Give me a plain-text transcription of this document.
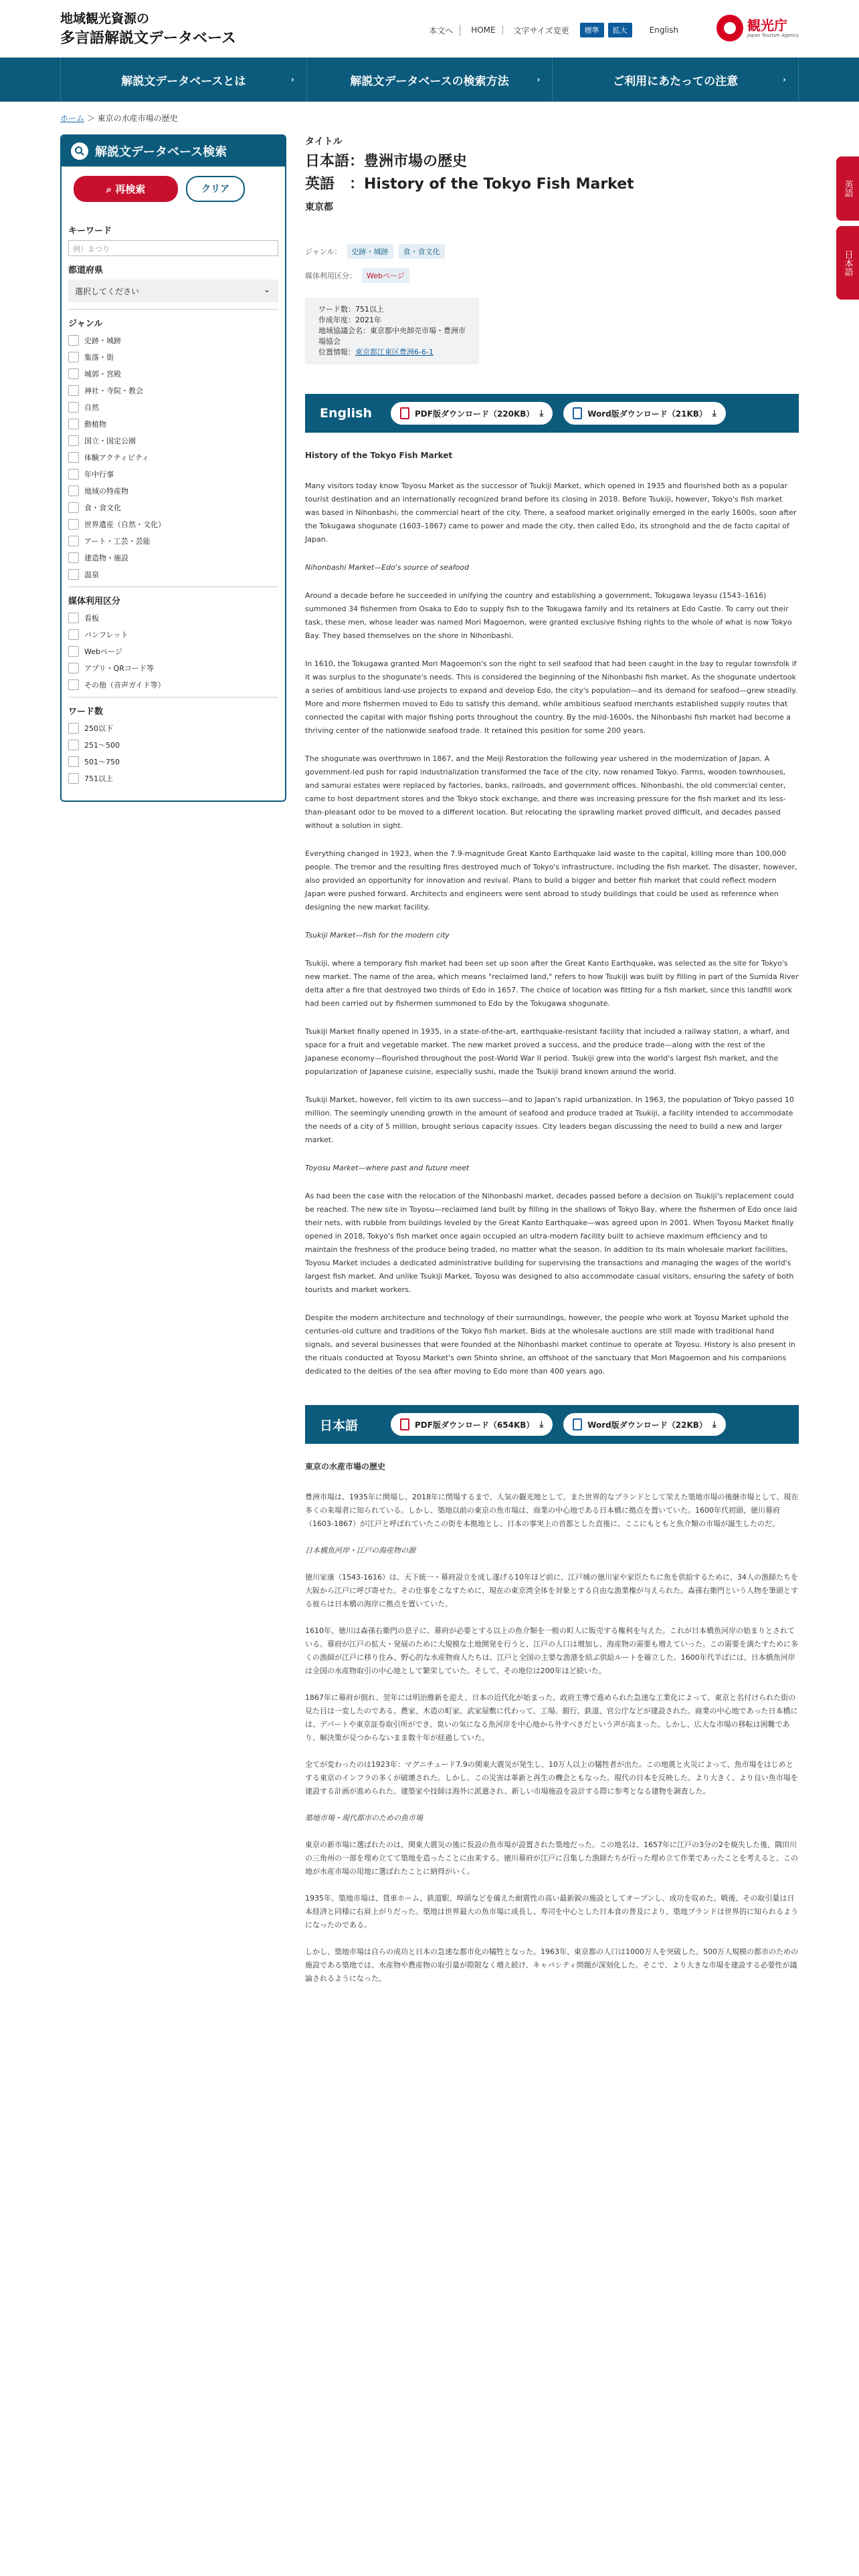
地域観光資源の
多言語解説文データベース	本文へ	HOME	文字サイズ変更	標準	拡大	English	観光庁
Japan Tourism Agency
解説文データベースとは	›	解説文データベースの検索方法	›	ご利用にあたっての注意	›
ホーム ＞ 東京の水産市場の歴史
英語
日本語
解説文データベース検索
⌕ 再検索	クリア
キーワード
例）まつり
都道府県
選択してください	⌄
ジャンル
史跡・城跡
集落・街
城郭・宮殿
神社・寺院・教会
自然
動植物
国立・国定公園
体験アクティビティ
年中行事
地域の特産物
食・食文化
世界遺産（自然・文化）
アート・工芸・芸能
建造物・施設
温泉
媒体利用区分
看板
パンフレット
Webページ
アプリ・QRコード等
その他（音声ガイド等）
ワード数
250以下
251〜500
501〜750
751以上
タイトル
日本語：豊洲市場の歴史
英語　：History of the Tokyo Fish Market
東京都
ジャンル：	史跡・城跡	食・食文化
媒体利用区分：	Webページ
ワード数：751以上
作成年度：2021年
地域協議会名：東京都中央卸売市場・豊洲市場協会
位置情報：東京都江東区豊洲6-6-1
English	PDF版ダウンロード（220KB） ⤓	Word版ダウンロード（21KB） ⤓
History of the Tokyo Fish Market

Many visitors today know Toyosu Market as the successor of Tsukiji Market, which opened in 1935 and flourished both as a popular tourist destination and an internationally recognized brand before its closing in 2018. Before Tsukiji, however, Tokyo's fish market was based in Nihonbashi, the commercial heart of the city. There, a seafood market originally emerged in the early 1600s, soon after the Tokugawa shogunate (1603–1867) came to power and made the city, then called Edo, its stronghold and the de facto capital of Japan.

Nihonbashi Market—Edo's source of seafood

Around a decade before he succeeded in unifying the country and establishing a government, Tokugawa Ieyasu (1543–1616) summoned 34 fishermen from Osaka to Edo to supply fish to the Tokugawa family and its retainers at Edo Castle. To carry out their task, these men, whose leader was named Mori Magoemon, were granted exclusive fishing rights to the whole of what is now Tokyo Bay. They based themselves on the shore in Nihonbashi.

In 1610, the Tokugawa granted Mori Magoemon's son the right to sell seafood that had been caught in the bay to regular townsfolk if it was surplus to the shogunate's needs. This is considered the beginning of the Nihonbashi fish market. As the shogunate undertook a series of ambitious land-use projects to expand and develop Edo, the city's population—and its demand for seafood—grew steadily. More and more fishermen moved to Edo to satisfy this demand, while ambitious seafood merchants established supply routes that connected the capital with major fishing ports throughout the country. By the mid-1600s, the Nihonbashi fish market had become a thriving center of the nationwide seafood trade. It retained this position for some 200 years.

The shogunate was overthrown in 1867, and the Meiji Restoration the following year ushered in the modernization of Japan. A government-led push for rapid industrialization transformed the face of the city, now renamed Tokyo. Farms, wooden townhouses, and samurai estates were replaced by factories, banks, railroads, and government offices. Nihonbashi, the old commercial center, came to host department stores and the Tokyo stock exchange, and there was increasing pressure for the fish market and its less-than-pleasant odor to be moved to a different location. But relocating the sprawling market proved difficult, and decades passed without a solution in sight.

Everything changed in 1923, when the 7.9-magnitude Great Kanto Earthquake laid waste to the capital, killing more than 100,000 people. The tremor and the resulting fires destroyed much of Tokyo's infrastructure, including the fish market. The disaster, however, also provided an opportunity for innovation and revival. Plans to build a bigger and better fish market that could reflect modern Japan were pushed forward. Architects and engineers were sent abroad to study buildings that could be used as reference when designing the new market facility.

Tsukiji Market—fish for the modern city

Tsukiji, where a temporary fish market had been set up soon after the Great Kanto Earthquake, was selected as the site for Tokyo's new market. The name of the area, which means "reclaimed land," refers to how Tsukiji was built by filling in part of the Sumida River delta after a fire that destroyed two thirds of Edo in 1657. The choice of location was fitting for a fish market, since this landfill work had been carried out by fishermen summoned to Edo by the Tokugawa shogunate.

Tsukiji Market finally opened in 1935, in a state-of-the-art, earthquake-resistant facility that included a railway station, a wharf, and space for a fruit and vegetable market. The new market proved a success, and the produce trade—along with the rest of the Japanese economy—flourished throughout the post-World War II period. Tsukiji grew into the world's largest fish market, and the popularization of Japanese cuisine, especially sushi, made the Tsukiji brand known around the world.

Tsukiji Market, however, fell victim to its own success—and to Japan's rapid urbanization. In 1963, the population of Tokyo passed 10 million. The seemingly unending growth in the amount of seafood and produce traded at Tsukiji, a facility intended to accommodate the needs of a city of 5 million, brought serious capacity issues. City leaders began discussing the need to build a new and larger market.

Toyosu Market—where past and future meet

As had been the case with the relocation of the Nihonbashi market, decades passed before a decision on Tsukiji's replacement could be reached. The new site in Toyosu—reclaimed land built by filling in the shallows of Tokyo Bay, where the fishermen of Edo once laid their nets, with rubble from buildings leveled by the Great Kanto Earthquake—was agreed upon in 2001. When Toyosu Market finally opened in 2018, Tokyo's fish market once again occupied an ultra-modern facility built to achieve maximum efficiency and to maintain the freshness of the produce being traded, no matter what the season. In addition to its main wholesale market facilities, Toyosu Market includes a dedicated administrative building for supervising the transactions and managing the wages of the world's largest fish market. And unlike Tsukiji Market, Toyosu was designed to also accommodate casual visitors, ensuring the safety of both tourists and market workers.

Despite the modern architecture and technology of their surroundings, however, the people who work at Toyosu Market uphold the centuries-old culture and traditions of the Tokyo fish market. Bids at the wholesale auctions are still made with traditional hand signals, and several businesses that were founded at the Nihonbashi market continue to operate at Toyosu. History is also present in the rituals conducted at Toyosu Market's own Shinto shrine, an offshoot of the sanctuary that Mori Magoemon and his companions dedicated to the deities of the sea after moving to Edo more than 400 years ago.

日本語	PDF版ダウンロード（654KB） ⤓	Word版ダウンロード（22KB） ⤓
東京の水産市場の歴史

豊洲市場は、1935年に開場し、2018年に閉場するまで、人気の観光地として、また世界的なブランドとして栄えた築地市場の後継市場として、現在多くの来場者に知られている。しかし、築地以前の東京の魚市場は、商業の中心地である日本橋に拠点を置いていた。1600年代初頭、徳川幕府（1603-1867）が江戸と呼ばれていたこの街を本拠地とし、日本の事実上の首都とした直後に、ここにもともと魚介類の市場が誕生したのだ。

日本橋魚河岸・江戸の海産物の源

徳川家康（1543-1616）は、天下統一・幕府設立を成し遂げる10年ほど前に、江戸城の徳川家や家臣たちに魚を供給するために、34人の漁師たちを大阪から江戸に呼び寄せた。その仕事をこなすために、現在の東京湾全体を対象とする自由な漁業権が与えられた。森孫右衛門という人物を筆頭とする彼らは日本橋の海岸に拠点を置いていた。

1610年、徳川は森孫右衛門の息子に、幕府が必要とする以上の魚介類を一般の町人に販売する権利を与えた。これが日本橋魚河岸の始まりとされている。幕府が江戸の拡大・発展のために大規模な土地開発を行うと、江戸の人口は増加し、海産物の需要も増えていった。この需要を満たすために多くの漁師が江戸に移り住み、野心的な水産物商人たちは、江戸と全国の主要な漁港を結ぶ供給ルートを確立した。1600年代半ばには、日本橋魚河岸は全国の水産物取引の中心地として繁栄していた。そして、その地位は200年ほど続いた。

1867年に幕府が倒れ、翌年には明治維新を迎え、日本の近代化が始まった。政府主導で進められた急速な工業化によって、東京と名付けられた街の見た目は一変したのである。農家、木造の町家、武家屋敷に代わって、工場、銀行、鉄道、官公庁などが建設された。商業の中心地であった日本橋には、デパートや東京証券取引所ができ、臭いの気になる魚河岸を中心地から外すべきだという声が高まった。しかし、広大な市場の移転は困難であり、解決策が見つからないまま数十年が経過していた。

全てが変わったのは1923年：マグニチュード7.9の関東大震災が発生し、10万人以上の犠牲者が出た。この地震と火災によって、魚市場をはじめとする東京のインフラの多くが破壊された。しかし、この災害は革新と再生の機会ともなった。現代の日本を反映した、より大きく、より良い魚市場を建設する計画が進められた。建築家や技師は海外に派遣され、新しい市場施設を設計する際に参考となる建物を調査した。

築地市場・現代都市のための魚市場

東京の新市場に選ばれたのは、関東大震災の後に仮設の魚市場が設置された築地だった。この地名は、1657年に江戸の3分の2を焼失した後、隅田川の三角州の一部を埋め立てて築地を造ったことに由来する。徳川幕府が江戸に召集した漁師たちが行った埋め立て作業であったことを考えると、この地が水産市場の用地に選ばれたことに納得がいく。

1935年、築地市場は、貨車ホーム、鉄道駅、埠頭などを備えた耐震性の高い最新鋭の施設としてオープンし、成功を収めた。戦後、その取引量は日本経済と同様に右肩上がりだった。築地は世界最大の魚市場に成長し、寿司を中心とした日本食の普及により、築地ブランドは世界的に知られるようになったのである。

しかし、築地市場は自らの成功と日本の急速な都市化の犠牲となった。1963年、東京都の人口は1000万人を突破した。500万人規模の都市のための施設である築地では、水産物や農産物の取引量が際限なく増え続け、キャパシティ問題が深刻化した。そこで、より大きな市場を建設する必要性が議論されるようになった。
